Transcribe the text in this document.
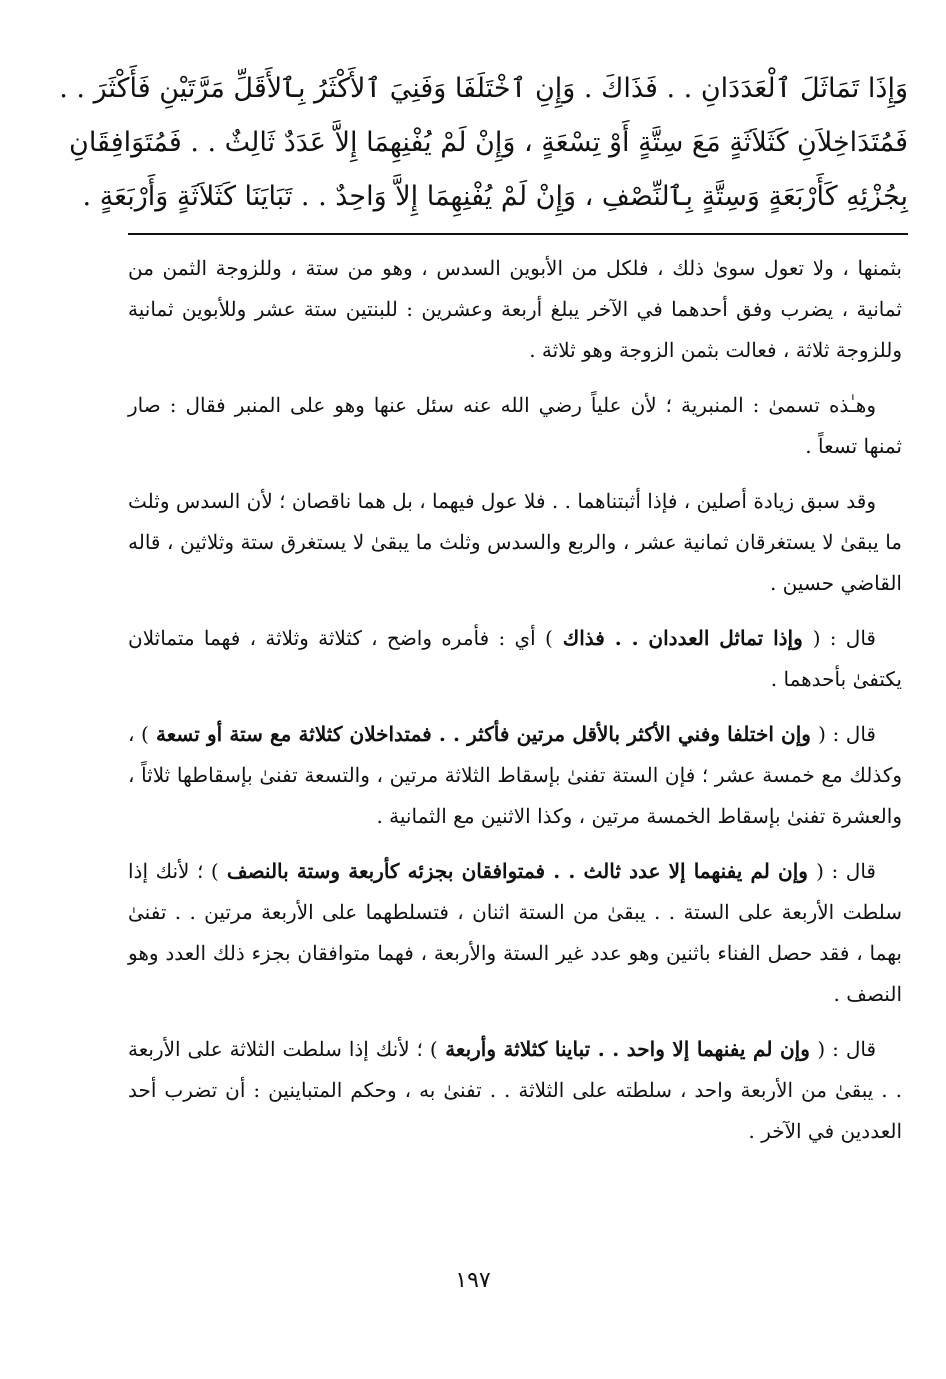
وَإِذَا تَمَاثَلَ ٱلْعَدَدَانِ . . فَذَاكَ . وَإِنِ ٱخْتَلَفَا وَفَنِيَ ٱلأَكْثَرُ بِٱلأَقَلِّ مَرَّتَيْنِ فَأَكْثَرَ . .
فَمُتَدَاخِلاَنِ كَثَلاَثَةٍ مَعَ سِتَّةٍ أَوْ تِسْعَةٍ ، وَإِنْ لَمْ يُفْنِهِمَا إِلاَّ عَدَدٌ ثَالِثٌ . . فَمُتَوَافِقَانِ
بِجُزْئِهِ كَأَرْبَعَةٍ وَسِتَّةٍ بِٱلنِّصْفِ ، وَإِنْ لَمْ يُفْنِهِمَا إِلاَّ وَاحِدٌ . . تَبَايَنَا كَثَلاَثَةٍ وَأَرْبَعَةٍ .

بثمنها ، ولا تعول سوىٰ ذلك ، فلكل من الأبوين السدس ، وهو من ستة ، وللزوجة الثمن من ثمانية ، يضرب وفق أحدهما في الآخر يبلغ أربعة وعشرين : للبنتين ستة عشر وللأبوين ثمانية وللزوجة ثلاثة ، فعالت بثمن الزوجة وهو ثلاثة .

وهـٰذه تسمىٰ : المنبرية ؛ لأن علياً رضي الله عنه سئل عنها وهو على المنبر فقال : صار ثمنها تسعاً .

وقد سبق زيادة أصلين ، فإذا أثبتناهما . . فلا عول فيهما ، بل هما ناقصان ؛ لأن السدس وثلث ما يبقىٰ لا يستغرقان ثمانية عشر ، والربع والسدس وثلث ما يبقىٰ لا يستغرق ستة وثلاثين ، قاله القاضي حسين .

قال : ( وإذا تماثل العددان . . فذاك ) أي : فأمره واضح ، كثلاثة وثلاثة ، فهما متماثلان يكتفىٰ بأحدهما .

قال : ( وإن اختلفا وفني الأكثر بالأقل مرتين فأكثر . . فمتداخلان كثلاثة مع ستة أو تسعة ) ، وكذلك مع خمسة عشر ؛ فإن الستة تفنىٰ بإسقاط الثلاثة مرتين ، والتسعة تفنىٰ بإسقاطها ثلاثاً ، والعشرة تفنىٰ بإسقاط الخمسة مرتين ، وكذا الاثنين مع الثمانية .

قال : ( وإن لم يفنهما إلا عدد ثالث . . فمتوافقان بجزئه كأربعة وستة بالنصف ) ؛ لأنك إذا سلطت الأربعة على الستة . . يبقىٰ من الستة اثنان ، فتسلطهما على الأربعة مرتين . . تفنىٰ بهما ، فقد حصل الفناء باثنين وهو عدد غير الستة والأربعة ، فهما متوافقان بجزء ذلك العدد وهو النصف .

قال : ( وإن لم يفنهما إلا واحد . . تباينا كثلاثة وأربعة ) ؛ لأنك إذا سلطت الثلاثة على الأربعة . . يبقىٰ من الأربعة واحد ، سلطته على الثلاثة . . تفنىٰ به ، وحكم المتباينين : أن تضرب أحد العددين في الآخر .

١٩٧
